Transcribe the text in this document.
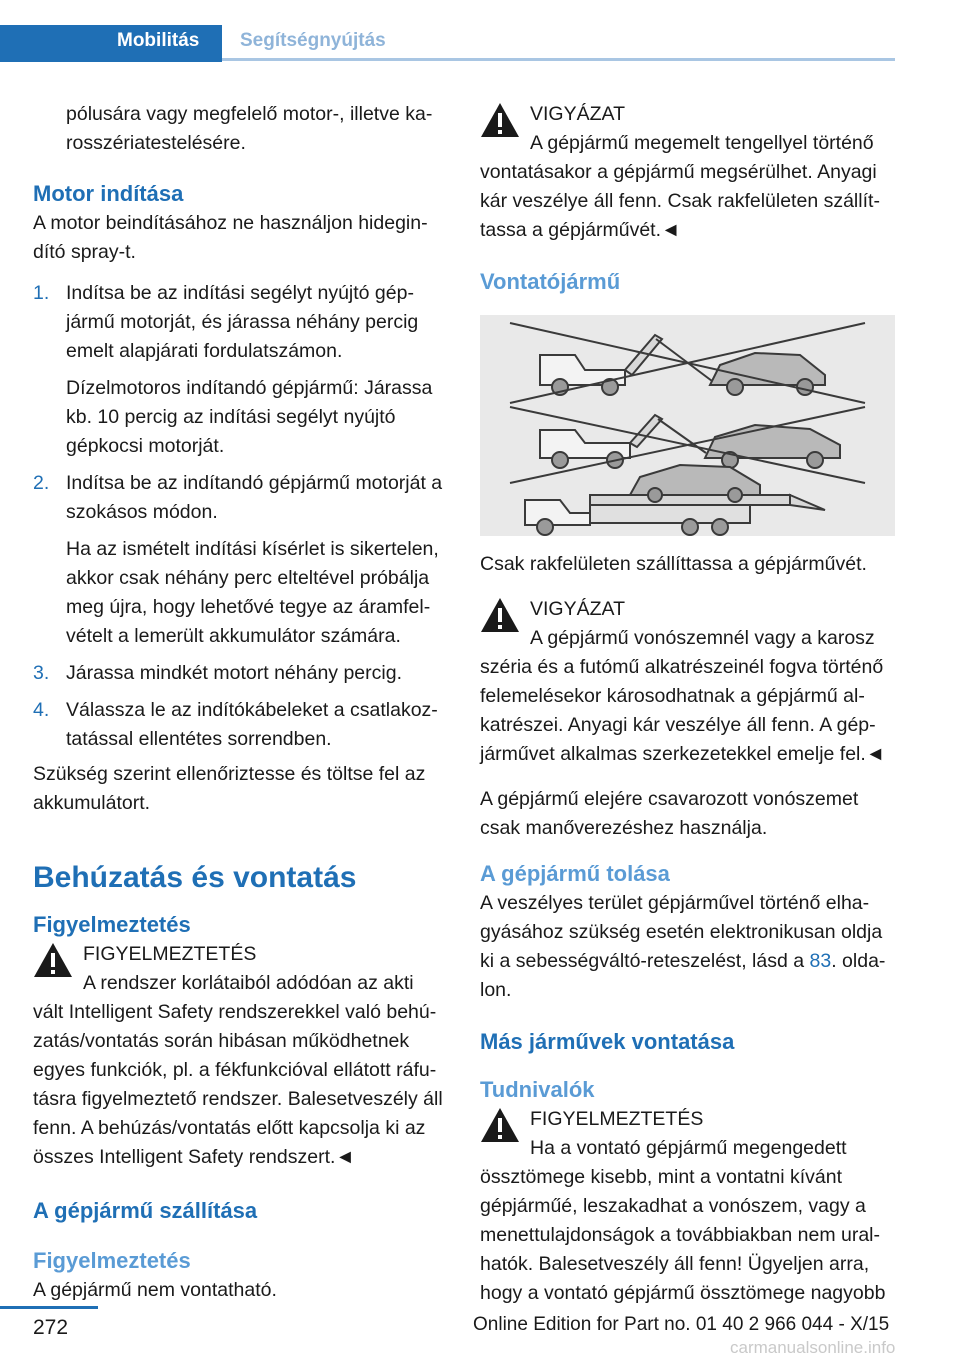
Mobilitás Segítségnyújtás

pólusára vagy megfelelő motor-, illetve karosszériatestelésére.

Motor indítása

A motor beindításához ne használjon hidegindító spray-t.

1. Indítsa be az indítási segélyt nyújtó gépjármű motorját, és járassa néhány percig emelt alapjárati fordulatszámon.

Dízelmotoros indítandó gépjármű: Járassa kb. 10 percig az indítási segélyt nyújtó gépkocsi motorját.

2. Indítsa be az indítandó gépjármű motorját a szokásos módon.

Ha az ismételt indítási kísérlet is sikertelen, akkor csak néhány perc elteltével próbálja meg újra, hogy lehetővé tegye az áramfelvételt a lemerült akkumulátor számára.

3. Járassa mindkét motort néhány percig.
4. Válassza le az indítókábeleket a csatlakoztatással ellentétes sorrendben.

Szükség szerint ellenőriztesse és töltse fel az akkumulátort.

Behúzatás és vontatás
Figyelmeztetés
FIGYELMEZTETÉS
A rendszer korlátaiból adódóan az akti
vált Intelligent Safety rendszerekkel való behúzatás/vontatás során hibásan működhetnek egyes funkciók, pl. a fékfunkcióval ellátott ráfutásra figyelmeztető rendszer. Balesetveszély áll fenn. A behúzás/vontatás előtt kapcsolja ki az összes Intelligent Safety rendszert.◄
A gépjármű szállítása
Figyelmeztetés

A gépjármű nem vontatható.

VIGYÁZAT
A gépjármű megemelt tengellyel történő
vontatásakor a gépjármű megsérülhet. Anyagi kár veszélye áll fenn. Csak rakfelületen szállíttassa a gépjárművét.◄
Vontatójármű

Csak rakfelületen szállíttassa a gépjárművét.

VIGYÁZAT
A gépjármű vonószemnél vagy a karosz
széria és a futómű alkatrészeinél fogva történő felemelésekor károsodhatnak a gépjármű alkatrészei. Anyagi kár veszélye áll fenn. A gépjárművet alkalmas szerkezetekkel emelje fel.◄

A gépjármű elejére csavarozott vonószemet csak manőverezéshez használja.

A gépjármű tolása

A veszélyes terület gépjárművel történő elhagyásához szükség esetén elektronikusan oldja ki a sebességváltó-reteszelést, lásd a 83. oldalon.

Más járművek vontatása
Tudnivalók
FIGYELMEZTETÉS
Ha a vontató gépjármű megengedett
össztömege kisebb, mint a vontatni kívánt gépjárműé, leszakadhat a vonószem, vagy a menettulajdonságok a továbbiakban nem uralhatók. Balesetveszély áll fenn! Ügyeljen arra, hogy a vontató gépjármű össztömege nagyobb
272	Online Edition for Part no. 01 40 2 966 044 - X/15
carmanualsonline.info
